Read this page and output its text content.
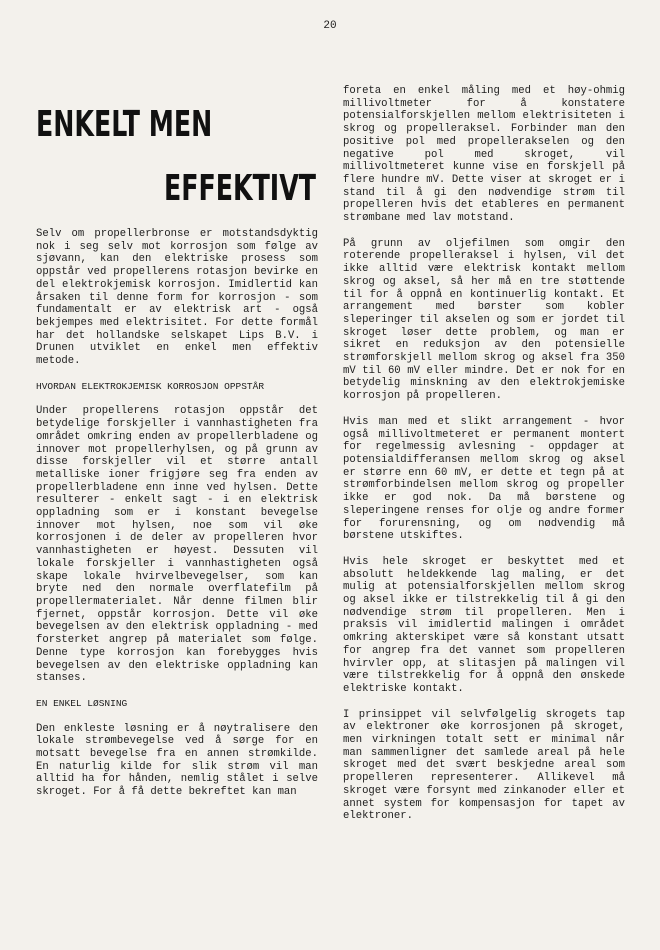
20
ENKELT MEN
EFFEKTIVT

Selv om propellerbronse er motstandsdyktig nok i seg selv mot korrosjon som følge av sjøvann, kan den elektriske prosess som oppstår ved propellerens rotasjon bevirke en del elektrokjemisk korrosjon. Imidlertid kan årsaken til denne form for korrosjon - som fundamentalt er av elektrisk art - også bekjempes med elektrisitet. For dette formål har det hollandske selskapet Lips B.V. i Drunen utviklet en enkel men effektiv metode.

HVORDAN ELEKTROKJEMISK KORROSJON OPPSTÅR

Under propellerens rotasjon oppstår det betydelige forskjeller i vannhastigheten fra området omkring enden av propellerbladene og innover mot propellerhylsen, og på grunn av disse forskjeller vil et større antall metalliske ioner frigjøre seg fra enden av propellerbladene enn inne ved hylsen. Dette resulterer - enkelt sagt - i en elektrisk oppladning som er i konstant bevegelse innover mot hylsen, noe som vil øke korrosjonen i de deler av propelleren hvor vannhastigheten er høyest. Dessuten vil lokale forskjeller i vannhastigheten også skape lokale hvirvelbevegelser, som kan bryte ned den normale overflatefilm på propellermaterialet. Når denne filmen blir fjernet, oppstår korrosjon. Dette vil øke bevegelsen av den elektrisk oppladning - med forsterket angrep på materialet som følge. Denne type korrosjon kan forebygges hvis bevegelsen av den elektriske oppladning kan stanses.

EN ENKEL LØSNING

Den enkleste løsning er å nøytralisere den lokale strømbevegelse ved å sørge for en motsatt bevegelse fra en annen strømkilde. En naturlig kilde for slik strøm vil man alltid ha for hånden, nemlig stålet i selve skroget. For å få dette bekreftet kan man

foreta en enkel måling med et høy-ohmig millivoltmeter for å konstatere potensialforskjellen mellom elektrisiteten i skrog og propelleraksel. Forbinder man den positive pol med propellerakselen og den negative pol med skroget, vil millivoltmeteret kunne vise en forskjell på flere hundre mV. Dette viser at skroget er i stand til å gi den nødvendige strøm til propelleren hvis det etableres en permanent strømbane med lav motstand.

På grunn av oljefilmen som omgir den roterende propelleraksel i hylsen, vil det ikke alltid være elektrisk kontakt mellom skrog og aksel, så her må en tre støttende til for å oppnå en kontinuerlig kontakt. Et arrangement med børster som kobler sleperinger til akselen og som er jordet til skroget løser dette problem, og man er sikret en reduksjon av den potensielle strømforskjell mellom skrog og aksel fra 350 mV til 60 mV eller mindre. Det er nok for en betydelig minskning av den elektrokjemiske korrosjon på propelleren.

Hvis man med et slikt arrangement - hvor også millivoltmeteret er permanent montert for regelmessig avlesning - oppdager at potensialdifferansen mellom skrog og aksel er større enn 60 mV, er dette et tegn på at strømforbindelsen mellom skrog og propeller ikke er god nok. Da må børstene og sleperingene renses for olje og andre former for forurensning, og om nødvendig må børstene utskiftes.

Hvis hele skroget er beskyttet med et absolutt heldekkende lag maling, er det mulig at potensialforskjellen mellom skrog og aksel ikke er tilstrekkelig til å gi den nødvendige strøm til propelleren. Men i praksis vil imidlertid malingen i området omkring akterskipet være så konstant utsatt for angrep fra det vannet som propelleren hvirvler opp, at slitasjen på malingen vil være tilstrekkelig for å oppnå den ønskede elektriske kontakt.

I prinsippet vil selvfølgelig skrogets tap av elektroner øke korrosjonen på skroget, men virkningen totalt sett er minimal når man sammenligner det samlede areal på hele skroget med det svært beskjedne areal som propelleren representerer. Allikevel må skroget være forsynt med zinkanoder eller et annet system for kompensasjon for tapet av elektroner.
